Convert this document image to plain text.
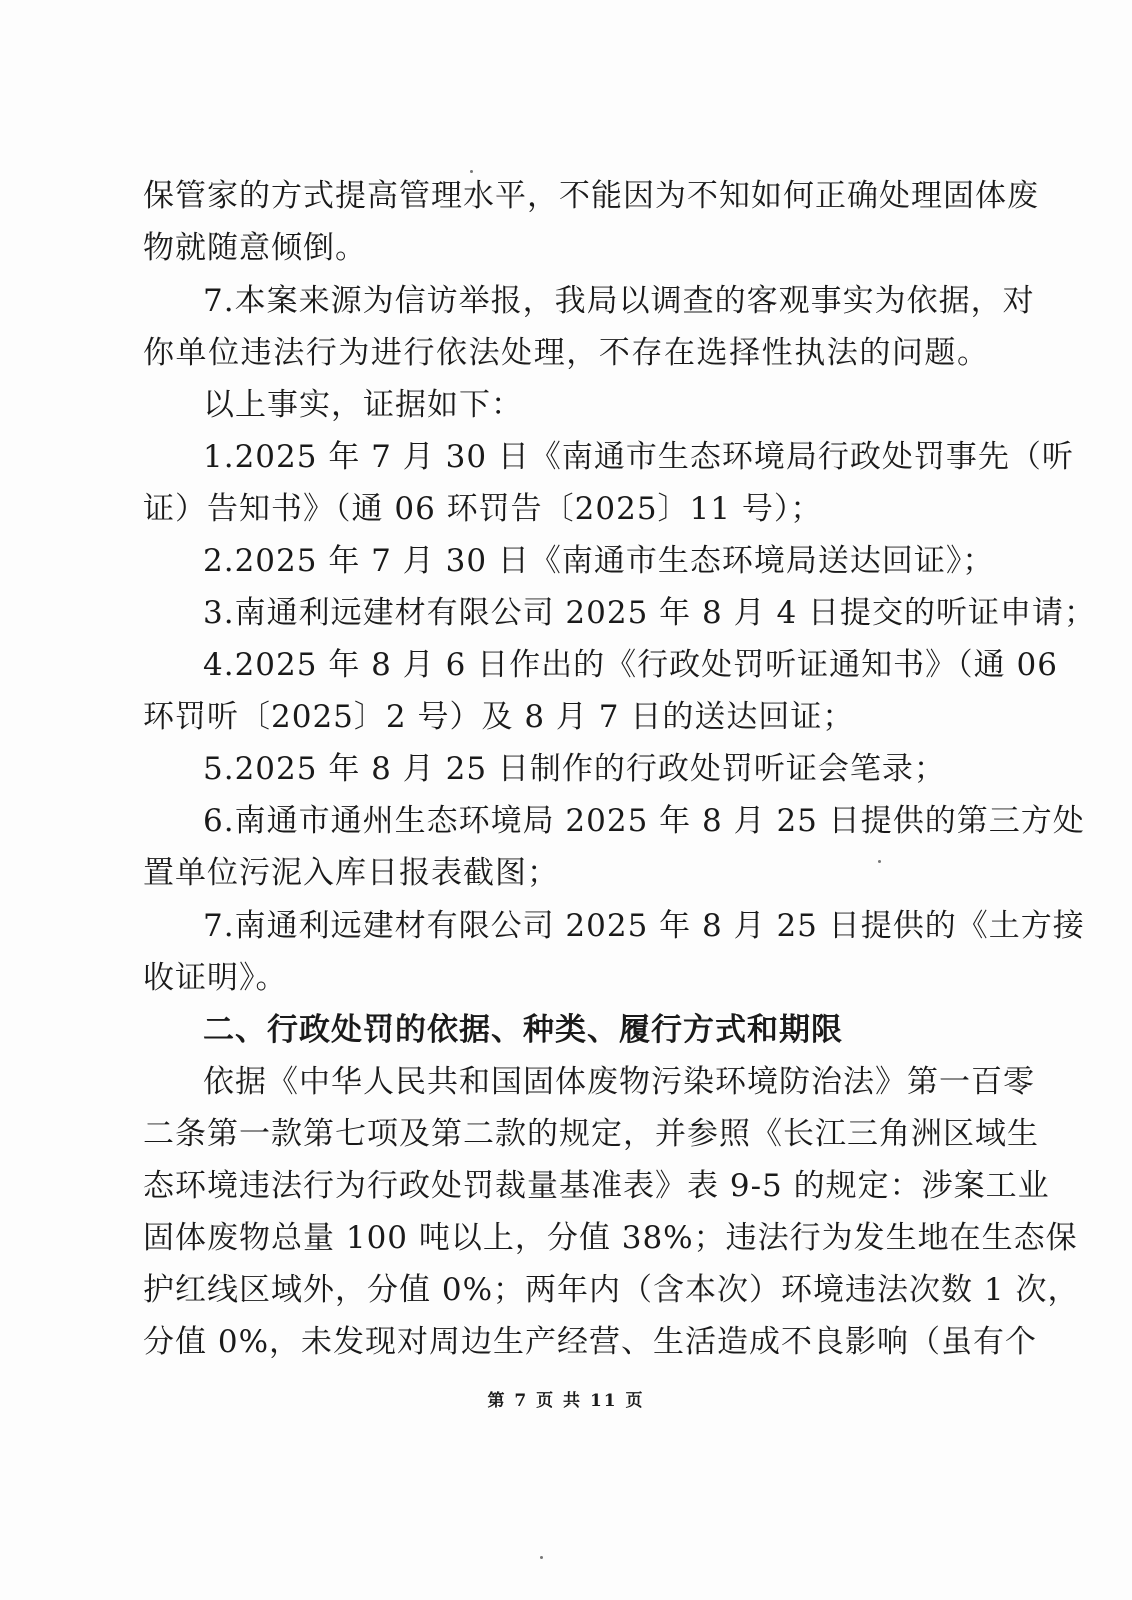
保管家的方式提高管理水平，不能因为不知如何正确处理固体废
物就随意倾倒。
7.本案来源为信访举报，我局以调查的客观事实为依据，对
你单位违法行为进行依法处理，不存在选择性执法的问题。
以上事实，证据如下：
1.2025 年 7 月 30 日《南通市生态环境局行政处罚事先（听
证）告知书》（通 06 环罚告〔2025〕11 号）；
2.2025 年 7 月 30 日《南通市生态环境局送达回证》；
3.南通利远建材有限公司 2025 年 8 月 4 日提交的听证申请；
4.2025 年 8 月 6 日作出的《行政处罚听证通知书》（通 06
环罚听〔2025〕2 号）及 8 月 7 日的送达回证；
5.2025 年 8 月 25 日制作的行政处罚听证会笔录；
6.南通市通州生态环境局 2025 年 8 月 25 日提供的第三方处
置单位污泥入库日报表截图；
7.南通利远建材有限公司 2025 年 8 月 25 日提供的《土方接
收证明》。
二、行政处罚的依据、种类、履行方式和期限
依据《中华人民共和国固体废物污染环境防治法》第一百零
二条第一款第七项及第二款的规定，并参照《长江三角洲区域生
态环境违法行为行政处罚裁量基准表》表 9-5 的规定：涉案工业
固体废物总量 100 吨以上，分值 38%；违法行为发生地在生态保
护红线区域外，分值 0%；两年内（含本次）环境违法次数 1 次，
分值 0%，未发现对周边生产经营、生活造成不良影响（虽有个
第 7 页 共 11 页
